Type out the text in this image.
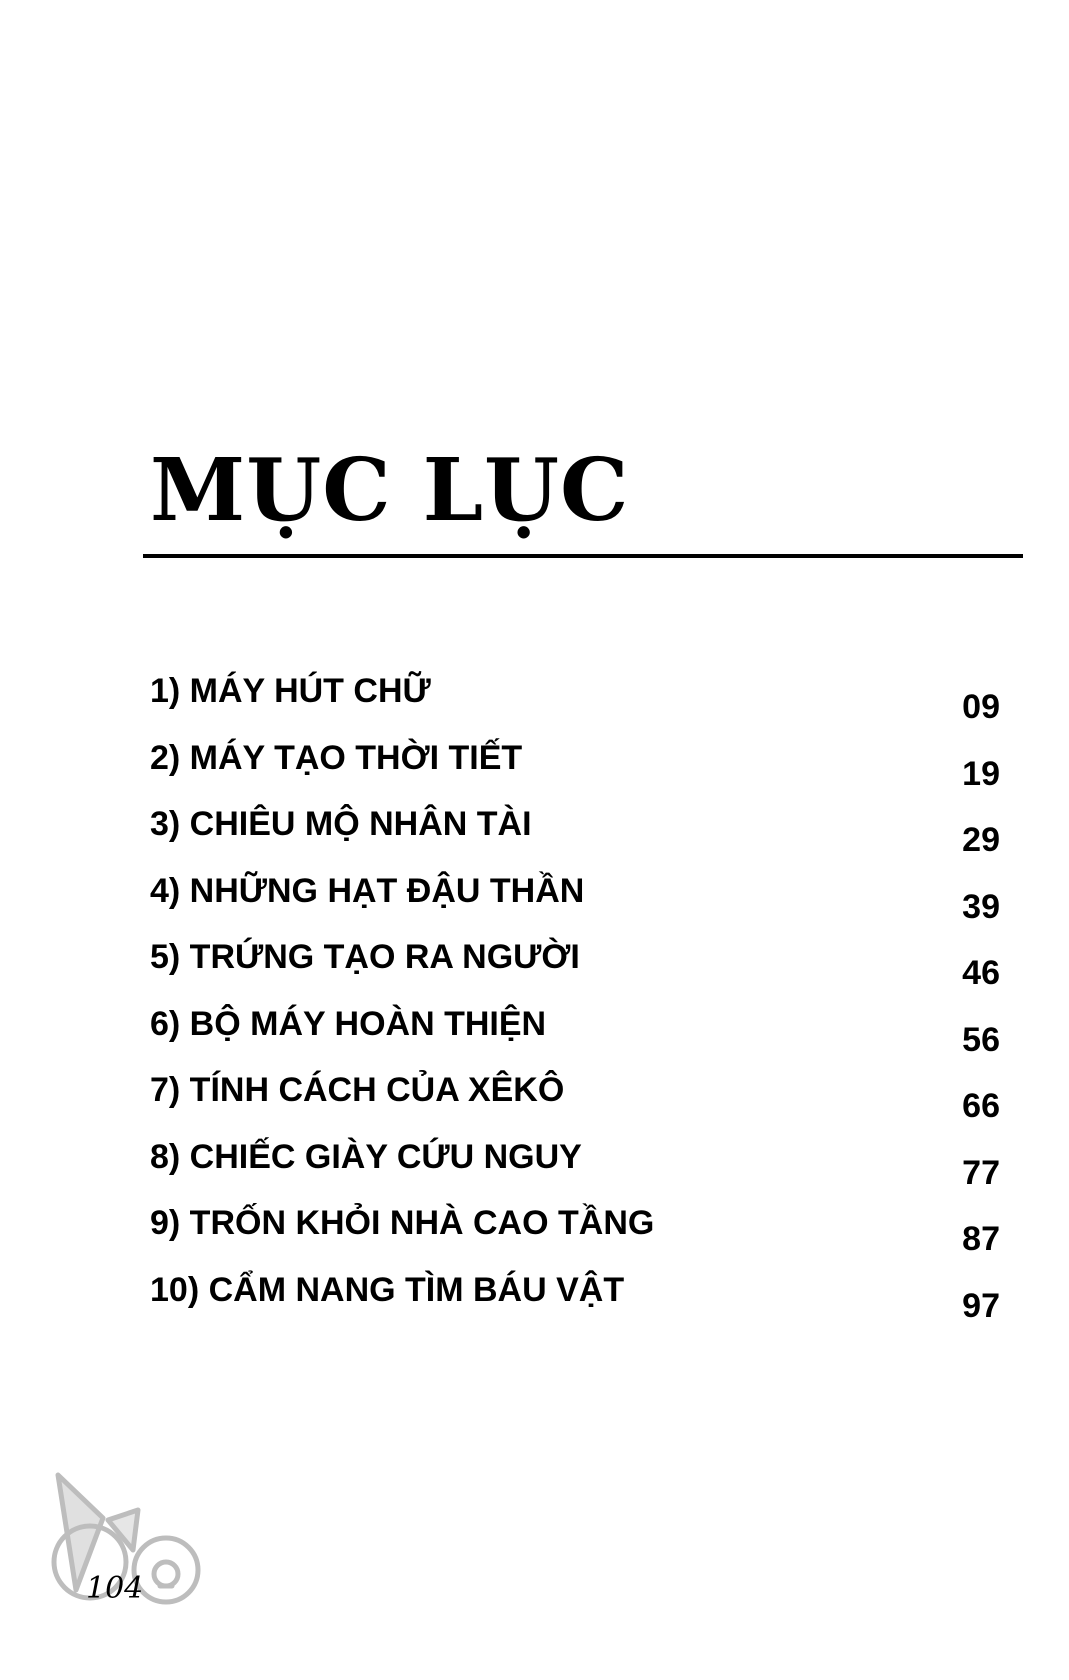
MỤC LỤC
1) MÁY HÚT CHỮ	09
2) MÁY TẠO THỜI TIẾT	19
3) CHIÊU MỘ NHÂN TÀI	29
4) NHỮNG HẠT ĐẬU THẦN	39
5) TRỨNG TẠO RA NGƯỜI	46
6) BỘ MÁY HOÀN THIỆN	56
7) TÍNH CÁCH CỦA XÊKÔ	66
8) CHIẾC GIÀY CỨU NGUY	77
9) TRỐN KHỎI NHÀ CAO TẦNG	87
10) CẨM NANG TÌM BÁU VẬT	97
104
